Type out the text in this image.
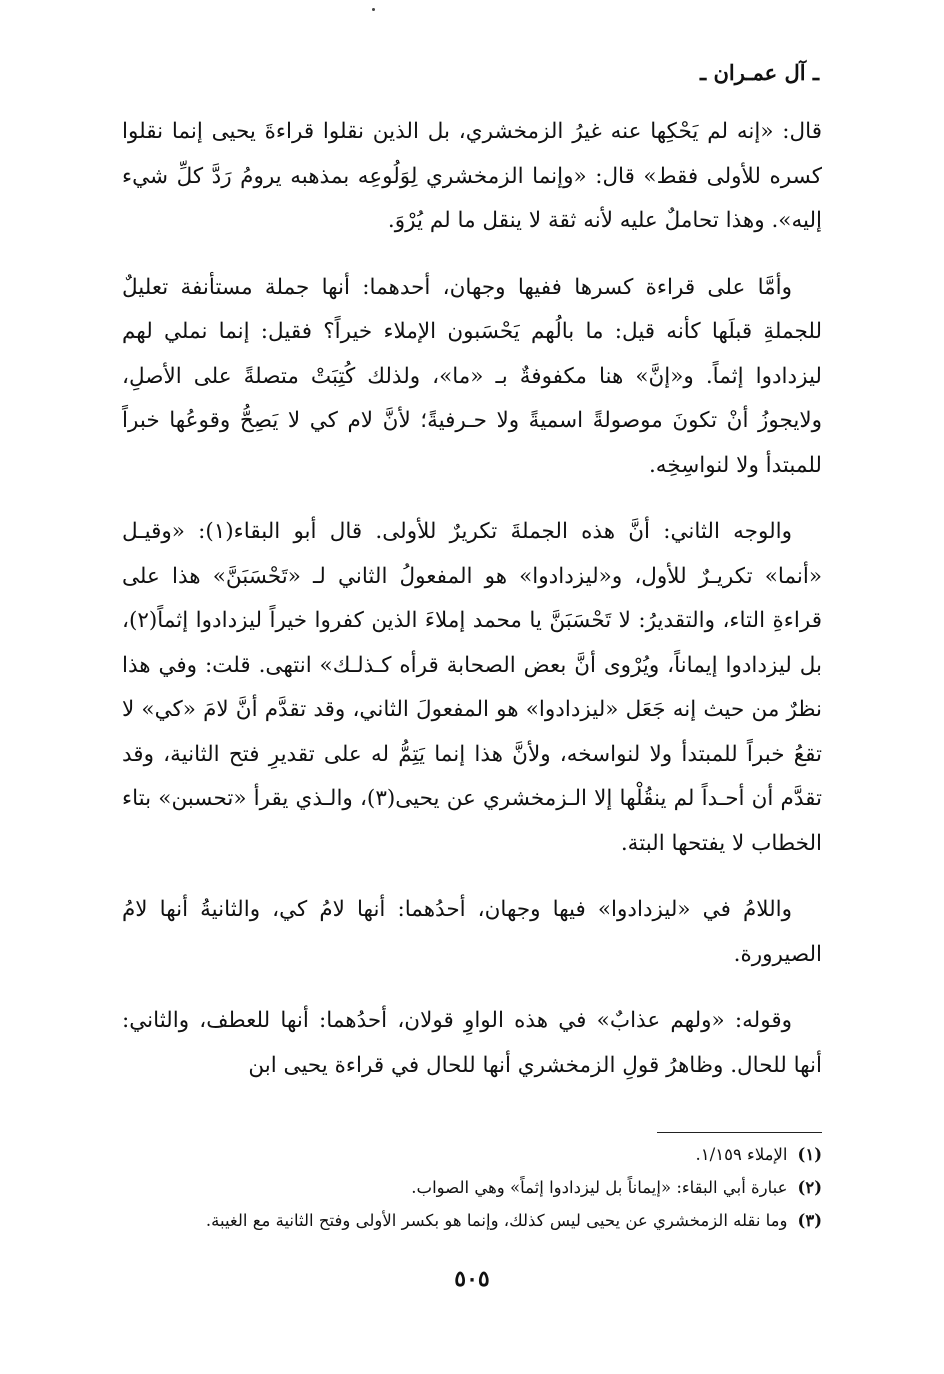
ـ آل عمـران ـ

قال: «إنه لم يَحْكِها عنه غيرُ الزمخشري، بل الذين نقلوا قراءةَ يحيى إنما نقلوا كسره للأولى فقط» قال: «وإنما الزمخشري لِوَلُوعِه بمذهبه يرومُ رَدَّ كلِّ شيء إليه». وهذا تحاملٌ عليه لأنه ثقة لا ينقل ما لم يُرْوَ.

وأمَّا على قراءة كسرها ففيها وجهان، أحدهما: أنها جملة مستأنفة تعليلٌ للجملةِ قبلَها كأنه قيل: ما بالُهم يَحْسَبون الإملاء خيراً؟ فقيل: إنما نملي لهم ليزدادوا إثماً. و«إنَّ» هنا مكفوفةٌ بـ «ما»، ولذلك كُتِبَتْ متصلةً على الأصلِ، ولايجوزُ أنْ تكونَ موصولةً اسميةً ولا حـرفيةً؛ لأنَّ لام كي لا يَصِحُّ وقوعُها خبراً للمبتدأ ولا لنواسِخِه.

والوجه الثاني: أنَّ هذه الجملةَ تكريرٌ للأولى. قال أبو البقاء(١): «وقيـل «أنما» تكريـرٌ للأول، و«ليزدادوا» هو المفعولُ الثاني لـ «تَحْسَبَنَّ» هذا على قراءةِ التاء، والتقديرُ: لا تَحْسَبَنَّ يا محمد إملاءَ الذين كفروا خيراً ليزدادوا إثماً(٢)، بل ليزدادوا إيماناً، ويُرْوى أنَّ بعض الصحابة قرأه كـذلـك» انتهى. قلت: وفي هذا نظرٌ من حيث إنه جَعَل «ليزدادوا» هو المفعولَ الثاني، وقد تقدَّم أنَّ لامَ «كي» لا تقعُ خبراً للمبتدأ ولا لنواسخه، ولأنَّ هذا إنما يَتِمُّ له على تقديرِ فتح الثانية، وقد تقدَّم أن أحـداً لم ينقُلْها إلا الـزمخشري عن يحيى(٣)، والـذي يقرأ «تحسبن» بتاء الخطاب لا يفتحها البتة.

واللامُ في «ليزدادوا» فيها وجهان، أحدُهما: أنها لامُ كي، والثانيةُ أنها لامُ الصيرورة.

وقوله: «ولهم عذابٌ» في هذه الواوِ قولان، أحدُهما: أنها للعطف، والثاني: أنها للحال. وظاهرُ قولِ الزمخشري أنها للحال في قراءة يحيى ابن

(١)الإملاء ١/١٥٩.

(٢)عبارة أبي البقاء: «إيماناً بل ليزدادوا إثماً» وهي الصواب.

(٣)وما نقله الزمخشري عن يحيى ليس كذلك، وإنما هو بكسر الأولى وفتح الثانية مع الغيبة.

٥٠٥
